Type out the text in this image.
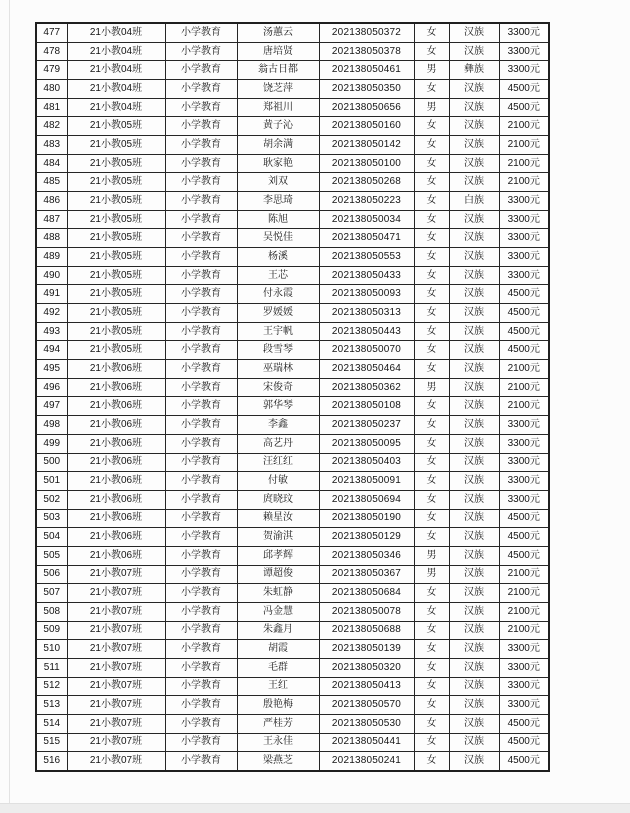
477	21小教04班	小学教育	汤蕙云	202138050372	女	汉族	3300元
478	21小教04班	小学教育	唐培贤	202138050378	女	汉族	3300元
479	21小教04班	小学教育	翁古日都	202138050461	男	彝族	3300元
480	21小教04班	小学教育	饶芝萍	202138050350	女	汉族	4500元
481	21小教04班	小学教育	郑祖川	202138050656	男	汉族	4500元
482	21小教05班	小学教育	黄子沁	202138050160	女	汉族	2100元
483	21小教05班	小学教育	胡余满	202138050142	女	汉族	2100元
484	21小教05班	小学教育	耿家艳	202138050100	女	汉族	2100元
485	21小教05班	小学教育	刘双	202138050268	女	汉族	2100元
486	21小教05班	小学教育	李思琦	202138050223	女	白族	3300元
487	21小教05班	小学教育	陈旭	202138050034	女	汉族	3300元
488	21小教05班	小学教育	吴悦佳	202138050471	女	汉族	3300元
489	21小教05班	小学教育	杨溪	202138050553	女	汉族	3300元
490	21小教05班	小学教育	王芯	202138050433	女	汉族	3300元
491	21小教05班	小学教育	付永霞	202138050093	女	汉族	4500元
492	21小教05班	小学教育	罗媛媛	202138050313	女	汉族	4500元
493	21小教05班	小学教育	王宇帆	202138050443	女	汉族	4500元
494	21小教05班	小学教育	段雪琴	202138050070	女	汉族	4500元
495	21小教06班	小学教育	巫瑞林	202138050464	女	汉族	2100元
496	21小教06班	小学教育	宋俊奇	202138050362	男	汉族	2100元
497	21小教06班	小学教育	郭华琴	202138050108	女	汉族	2100元
498	21小教06班	小学教育	李鑫	202138050237	女	汉族	3300元
499	21小教06班	小学教育	高艺丹	202138050095	女	汉族	3300元
500	21小教06班	小学教育	汪红红	202138050403	女	汉族	3300元
501	21小教06班	小学教育	付敏	202138050091	女	汉族	3300元
502	21小教06班	小学教育	庹晓玟	202138050694	女	汉族	3300元
503	21小教06班	小学教育	赖星汝	202138050190	女	汉族	4500元
504	21小教06班	小学教育	贺渝淇	202138050129	女	汉族	4500元
505	21小教06班	小学教育	邱孝辉	202138050346	男	汉族	4500元
506	21小教07班	小学教育	谭超俊	202138050367	男	汉族	2100元
507	21小教07班	小学教育	朱虹静	202138050684	女	汉族	2100元
508	21小教07班	小学教育	冯金慧	202138050078	女	汉族	2100元
509	21小教07班	小学教育	朱鑫月	202138050688	女	汉族	2100元
510	21小教07班	小学教育	胡霞	202138050139	女	汉族	3300元
511	21小教07班	小学教育	毛群	202138050320	女	汉族	3300元
512	21小教07班	小学教育	王红	202138050413	女	汉族	3300元
513	21小教07班	小学教育	殷艳梅	202138050570	女	汉族	3300元
514	21小教07班	小学教育	严桂芳	202138050530	女	汉族	4500元
515	21小教07班	小学教育	王永佳	202138050441	女	汉族	4500元
516	21小教07班	小学教育	梁燕芝	202138050241	女	汉族	4500元
